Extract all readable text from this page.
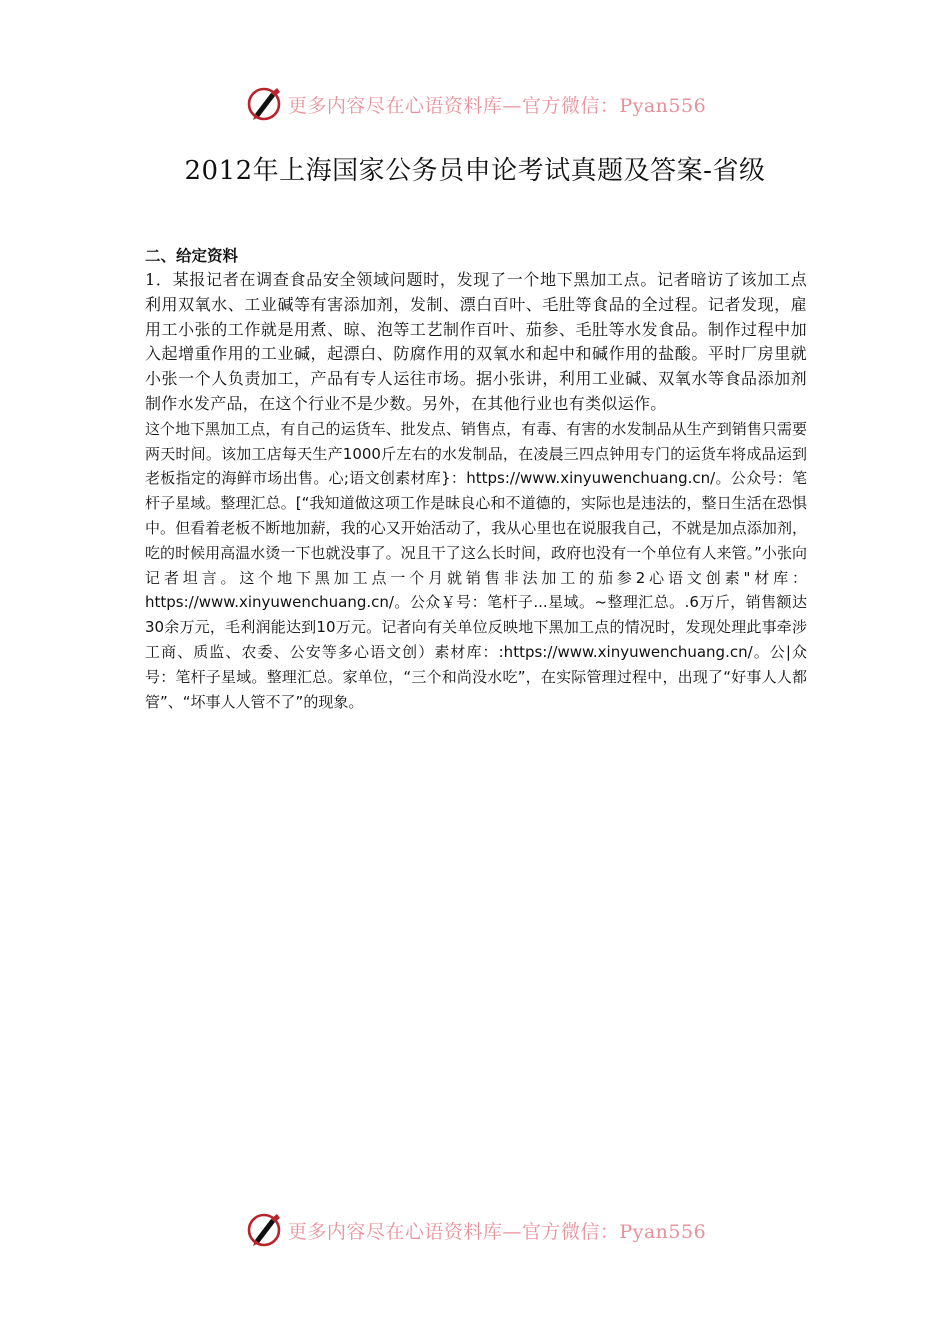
更多内容尽在心语资料库—官方微信：Pyan556
2012年上海国家公务员申论考试真题及答案-省级

二、给定资料

1．某报记者在调查食品安全领域问题时，发现了一个地下黑加工点。记者暗访了该加工点利用双氧水、工业碱等有害添加剂，发制、漂白百叶、毛肚等食品的全过程。记者发现，雇用工小张的工作就是用煮、晾、泡等工艺制作百叶、茄参、毛肚等水发食品。制作过程中加入起增重作用的工业碱，起漂白、防腐作用的双氧水和起中和碱作用的盐酸。平时厂房里就小张一个人负责加工，产品有专人运往市场。据小张讲，利用工业碱、双氧水等食品添加剂制作水发产品，在这个行业不是少数。另外，在其他行业也有类似运作。

这个地下黑加工点，有自己的运货车、批发点、销售点，有毒、有害的水发制品从生产到销售只需要两天时间。该加工店每天生产1000斤左右的水发制品，在凌晨三四点钟用专门的运货车将成品运到老板指定的海鲜市场出售。心;语文创素材库}：https://www.xinyuwenchuang.cn/。公众号：笔杆子星域。整理汇总。[“我知道做这项工作是昧良心和不道德的，实际也是违法的，整日生活在恐惧中。但看着老板不断地加薪，我的心又开始活动了，我从心里也在说服我自己，不就是加点添加剂，吃的时候用高温水烫一下也就没事了。况且干了这么长时间，政府也没有一个单位有人来管。”小张向记者坦言。这个地下黑加工点一个月就销售非法加工的茄参2心语文创素"材库：https://www.xinyuwenchuang.cn/。公众￥号：笔杆子...星域。~整理汇总。.6万斤，销售额达30余万元，毛利润能达到10万元。记者向有关单位反映地下黑加工点的情况时，发现处理此事牵涉工商、质监、农委、公安等多心语文创）素材库：:https://www.xinyuwenchuang.cn/。公|众号：笔杆子星域。整理汇总。家单位，“三个和尚没水吃”，在实际管理过程中，出现了“好事人人都管”、“坏事人人管不了”的现象。

更多内容尽在心语资料库—官方微信：Pyan556
